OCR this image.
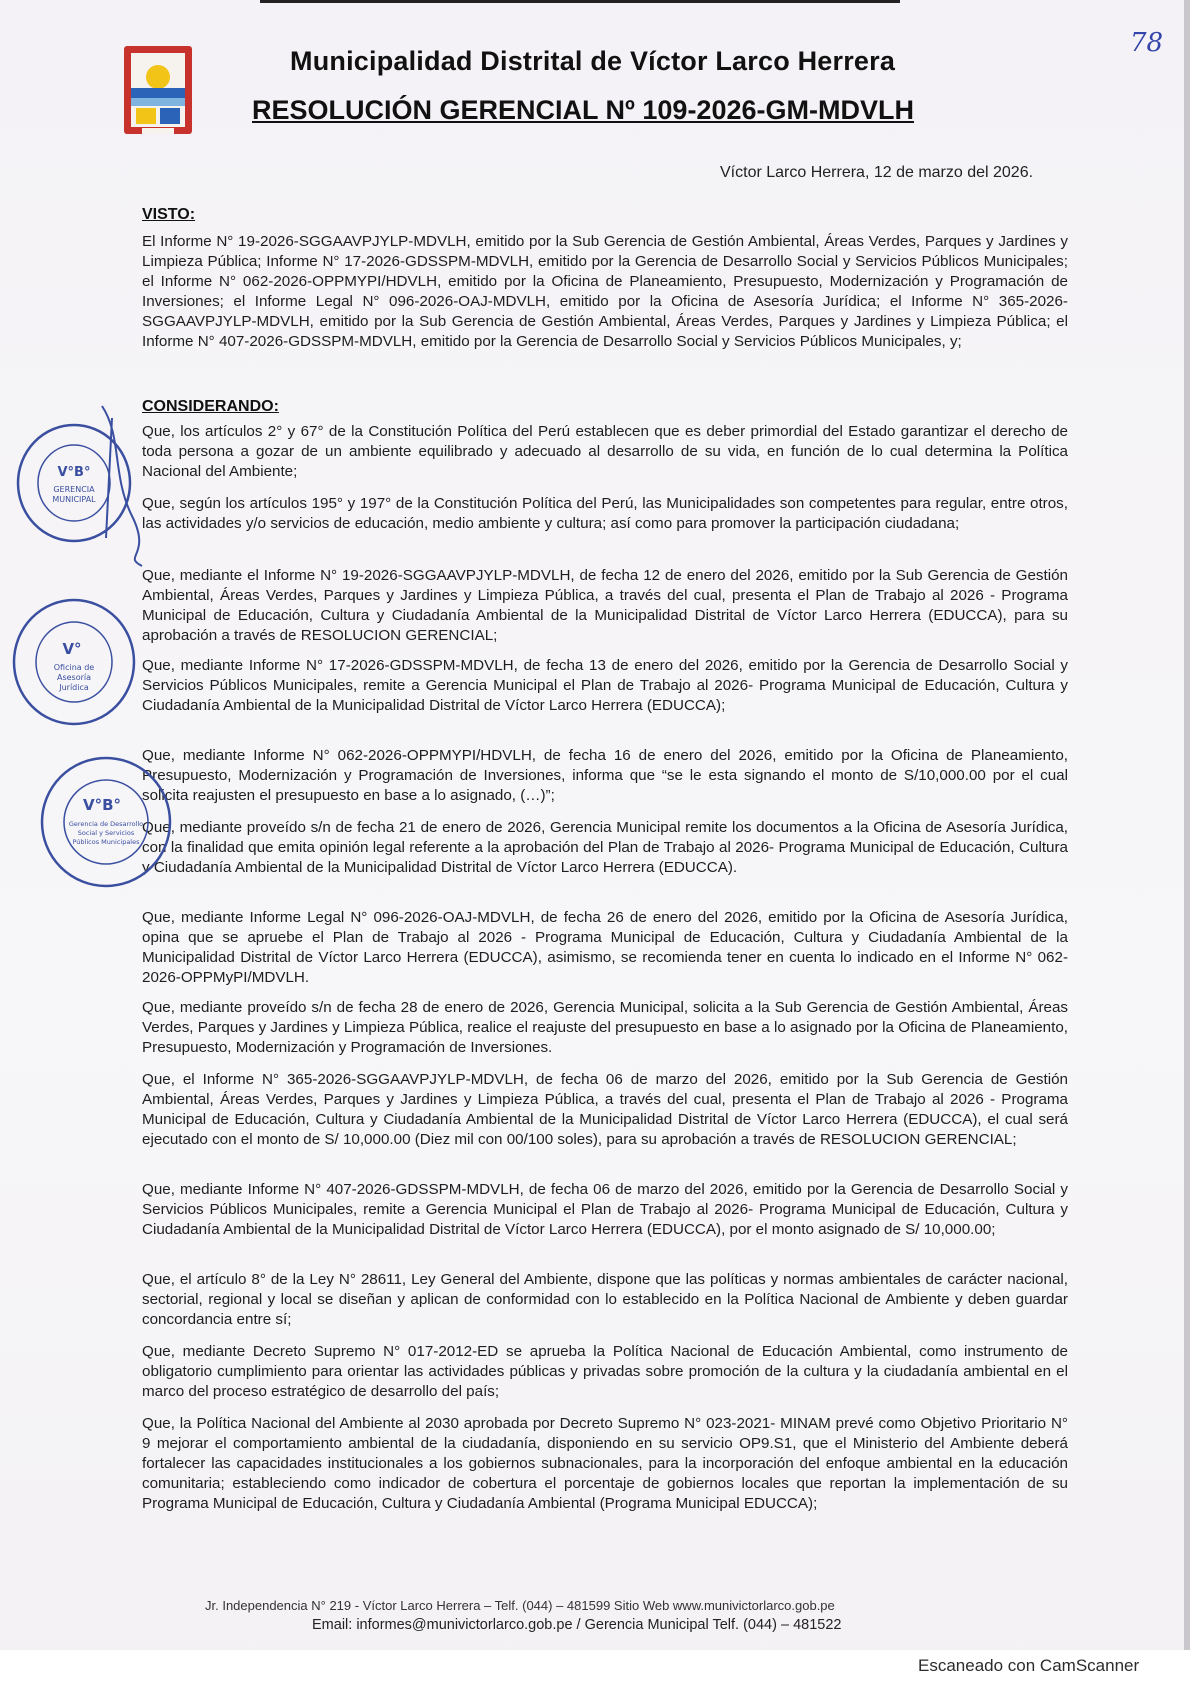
Municipalidad Distrital de Víctor Larco Herrera
RESOLUCIÓN GERENCIAL Nº 109-2026-GM-MDVLH
78
Víctor Larco Herrera, 12 de marzo del 2026.
VISTO:
El Informe N° 19-2026-SGGAAVPJYLP-MDVLH, emitido por la Sub Gerencia de Gestión Ambiental, Áreas Verdes, Parques y Jardines y Limpieza Pública; Informe N° 17-2026-GDSSPM-MDVLH, emitido por la Gerencia de Desarrollo Social y Servicios Públicos Municipales; el Informe N° 062-2026-OPPMYPI/HDVLH, emitido por la Oficina de Planeamiento, Presupuesto, Modernización y Programación de Inversiones; el Informe Legal N° 096-2026-OAJ-MDVLH, emitido por la Oficina de Asesoría Jurídica; el Informe N° 365-2026-SGGAAVPJYLP-MDVLH, emitido por la Sub Gerencia de Gestión Ambiental, Áreas Verdes, Parques y Jardines y Limpieza Pública; el Informe N° 407-2026-GDSSPM-MDVLH, emitido por la Gerencia de Desarrollo Social y Servicios Públicos Municipales, y;
CONSIDERANDO:
Que, los artículos 2° y 67° de la Constitución Política del Perú establecen que es deber primordial del Estado garantizar el derecho de toda persona a gozar de un ambiente equilibrado y adecuado al desarrollo de su vida, en función de lo cual determina la Política Nacional del Ambiente;
Que, según los artículos 195° y 197° de la Constitución Política del Perú, las Municipalidades son competentes para regular, entre otros, las actividades y/o servicios de educación, medio ambiente y cultura; así como para promover la participación ciudadana;
Que, mediante el Informe N° 19-2026-SGGAAVPJYLP-MDVLH, de fecha 12 de enero del 2026, emitido por la Sub Gerencia de Gestión Ambiental, Áreas Verdes, Parques y Jardines y Limpieza Pública, a través del cual, presenta el Plan de Trabajo al 2026 - Programa Municipal de Educación, Cultura y Ciudadanía Ambiental de la Municipalidad Distrital de Víctor Larco Herrera (EDUCCA), para su aprobación a través de RESOLUCION GERENCIAL;
Que, mediante Informe N° 17-2026-GDSSPM-MDVLH, de fecha 13 de enero del 2026, emitido por la Gerencia de Desarrollo Social y Servicios Públicos Municipales, remite a Gerencia Municipal el Plan de Trabajo al 2026- Programa Municipal de Educación, Cultura y Ciudadanía Ambiental de la Municipalidad Distrital de Víctor Larco Herrera (EDUCCA);
Que, mediante Informe N° 062-2026-OPPMYPI/HDVLH, de fecha 16 de enero del 2026, emitido por la Oficina de Planeamiento, Presupuesto, Modernización y Programación de Inversiones, informa que “se le esta signando el monto de S/10,000.00 por el cual solicita reajusten el presupuesto en base a lo asignado, (…)”;
Que, mediante proveído s/n de fecha 21 de enero de 2026, Gerencia Municipal remite los documentos a la Oficina de Asesoría Jurídica, con la finalidad que emita opinión legal referente a la aprobación del Plan de Trabajo al 2026- Programa Municipal de Educación, Cultura y Ciudadanía Ambiental de la Municipalidad Distrital de Víctor Larco Herrera (EDUCCA).
Que, mediante Informe Legal N° 096-2026-OAJ-MDVLH, de fecha 26 de enero del 2026, emitido por la Oficina de Asesoría Jurídica, opina que se apruebe el Plan de Trabajo al 2026 - Programa Municipal de Educación, Cultura y Ciudadanía Ambiental de la Municipalidad Distrital de Víctor Larco Herrera (EDUCCA), asimismo, se recomienda tener en cuenta lo indicado en el Informe N° 062-2026-OPPMyPI/MDVLH.
Que, mediante proveído s/n de fecha 28 de enero de 2026, Gerencia Municipal, solicita a la Sub Gerencia de Gestión Ambiental, Áreas Verdes, Parques y Jardines y Limpieza Pública, realice el reajuste del presupuesto en base a lo asignado por la Oficina de Planeamiento, Presupuesto, Modernización y Programación de Inversiones.
Que, el Informe N° 365-2026-SGGAAVPJYLP-MDVLH, de fecha 06 de marzo del 2026, emitido por la Sub Gerencia de Gestión Ambiental, Áreas Verdes, Parques y Jardines y Limpieza Pública, a través del cual, presenta el Plan de Trabajo al 2026 - Programa Municipal de Educación, Cultura y Ciudadanía Ambiental de la Municipalidad Distrital de Víctor Larco Herrera (EDUCCA), el cual será ejecutado con el monto de S/ 10,000.00 (Diez mil con 00/100 soles), para su aprobación a través de RESOLUCION GERENCIAL;
Que, mediante Informe N° 407-2026-GDSSPM-MDVLH, de fecha 06 de marzo del 2026, emitido por la Gerencia de Desarrollo Social y Servicios Públicos Municipales, remite a Gerencia Municipal el Plan de Trabajo al 2026- Programa Municipal de Educación, Cultura y Ciudadanía Ambiental de la Municipalidad Distrital de Víctor Larco Herrera (EDUCCA), por el monto asignado de S/ 10,000.00;
Que, el artículo 8° de la Ley N° 28611, Ley General del Ambiente, dispone que las políticas y normas ambientales de carácter nacional, sectorial, regional y local se diseñan y aplican de conformidad con lo establecido en la Política Nacional de Ambiente y deben guardar concordancia entre sí;
Que, mediante Decreto Supremo N° 017-2012-ED se aprueba la Política Nacional de Educación Ambiental, como instrumento de obligatorio cumplimiento para orientar las actividades públicas y privadas sobre promoción de la cultura y la ciudadanía ambiental en el marco del proceso estratégico de desarrollo del país;
Que, la Política Nacional del Ambiente al 2030 aprobada por Decreto Supremo N° 023-2021- MINAM prevé como Objetivo Prioritario N° 9 mejorar el comportamiento ambiental de la ciudadanía, disponiendo en su servicio OP9.S1, que el Ministerio del Ambiente deberá fortalecer las capacidades institucionales a los gobiernos subnacionales, para la incorporación del enfoque ambiental en la educación comunitaria; estableciendo como indicador de cobertura el porcentaje de gobiernos locales que reportan la implementación de su Programa Municipal de Educación, Cultura y Ciudadanía Ambiental (Programa Municipal EDUCCA);
V°B°
GERENCIA
MUNICIPAL
V°
Oficina de
Asesoría
Jurídica
V°B°
Gerencia de Desarrollo
Social y Servicios
Públicos Municipales
Jr. Independencia N° 219 - Víctor Larco Herrera – Telf. (044) – 481599 Sitio Web www.munivictorlarco.gob.pe
Email: informes@munivictorlarco.gob.pe / Gerencia Municipal Telf. (044) – 481522
Escaneado con CamScanner
